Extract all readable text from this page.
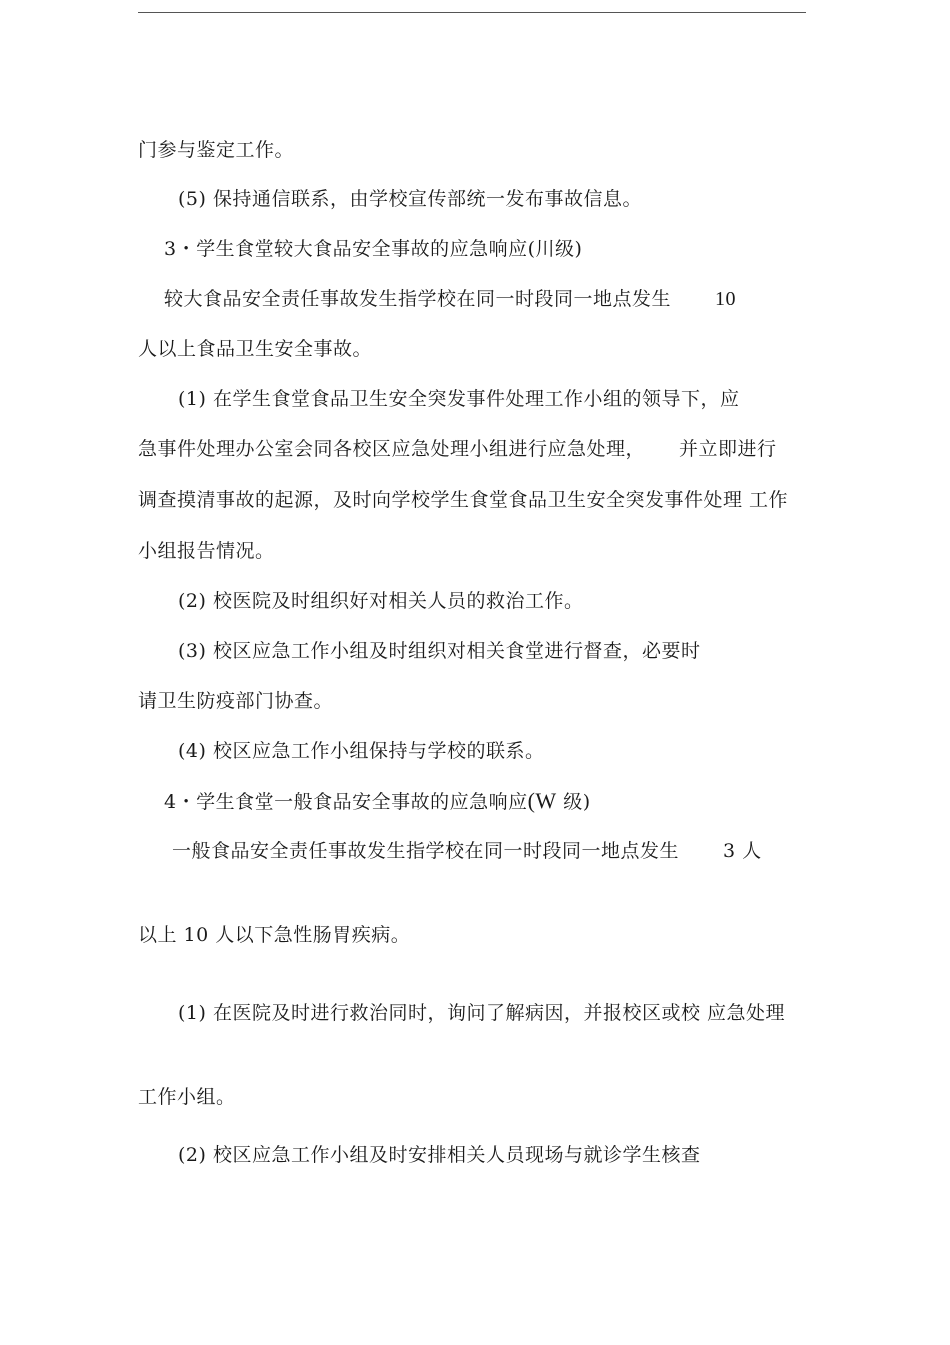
门参与鉴定工作。
(5) 保持通信联系，由学校宣传部统一发布事故信息。
3・学生食堂较大食品安全事故的应急响应(川级)
较大食品安全责任事故发生指学校在同一时段同一地点发生 10
人以上食品卫生安全事故。
(1) 在学生食堂食品卫生安全突发事件处理工作小组的领导下，应
急事件处理办公室会同各校区应急处理小组进行应急处理， 并立即进行
调查摸清事故的起源，及时向学校学生食堂食品卫生安全突发事件处理 工作
小组报告情况。
(2) 校医院及时组织好对相关人员的救治工作。
(3) 校区应急工作小组及时组织对相关食堂进行督查，必要时
请卫生防疫部门协查。
(4) 校区应急工作小组保持与学校的联系。
4・学生食堂一般食品安全事故的应急响应(W 级)
一般食品安全责任事故发生指学校在同一时段同一地点发生 3 人
以上 10 人以下急性肠胃疾病。
(1) 在医院及时进行救治同时，询问了解病因，并报校区或校 应急处理
工作小组。
(2) 校区应急工作小组及时安排相关人员现场与就诊学生核查
